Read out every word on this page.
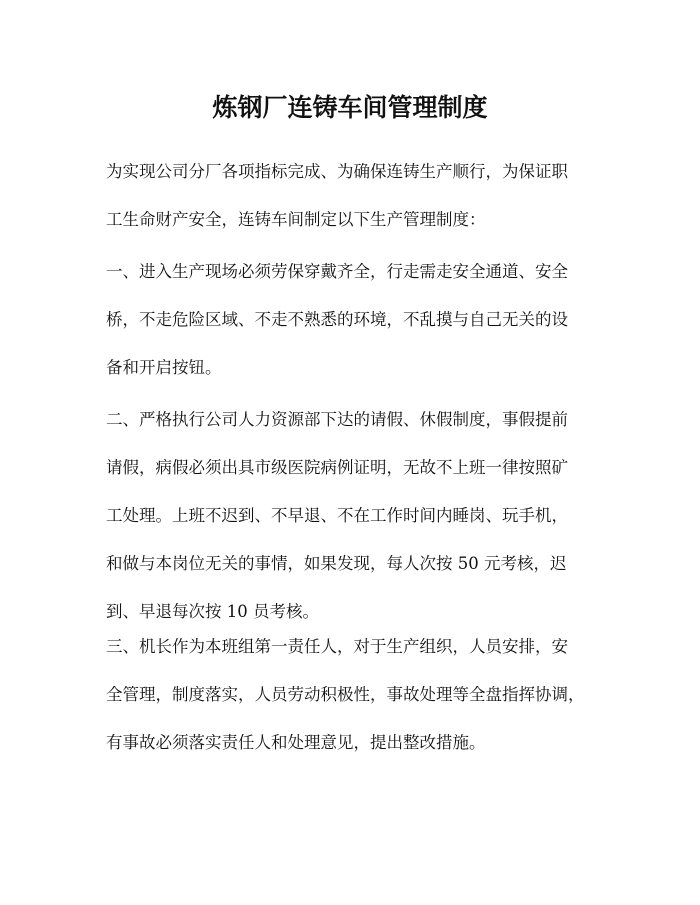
炼钢厂连铸车间管理制度
为实现公司分厂各项指标完成、为确保连铸生产顺行，为保证职
工生命财产安全，连铸车间制定以下生产管理制度：
一、进入生产现场必须劳保穿戴齐全，行走需走安全通道、安全
桥，不走危险区域、不走不熟悉的环境，不乱摸与自己无关的设
备和开启按钮。
二、严格执行公司人力资源部下达的请假、休假制度，事假提前
请假，病假必须出具市级医院病例证明，无故不上班一律按照矿
工处理。上班不迟到、不早退、不在工作时间内睡岗、玩手机，
和做与本岗位无关的事情，如果发现，每人次按 50 元考核，迟
到、早退每次按 10 员考核。
三、机长作为本班组第一责任人，对于生产组织，人员安排，安
全管理，制度落实，人员劳动积极性，事故处理等全盘指挥协调，
有事故必须落实责任人和处理意见，提出整改措施。
